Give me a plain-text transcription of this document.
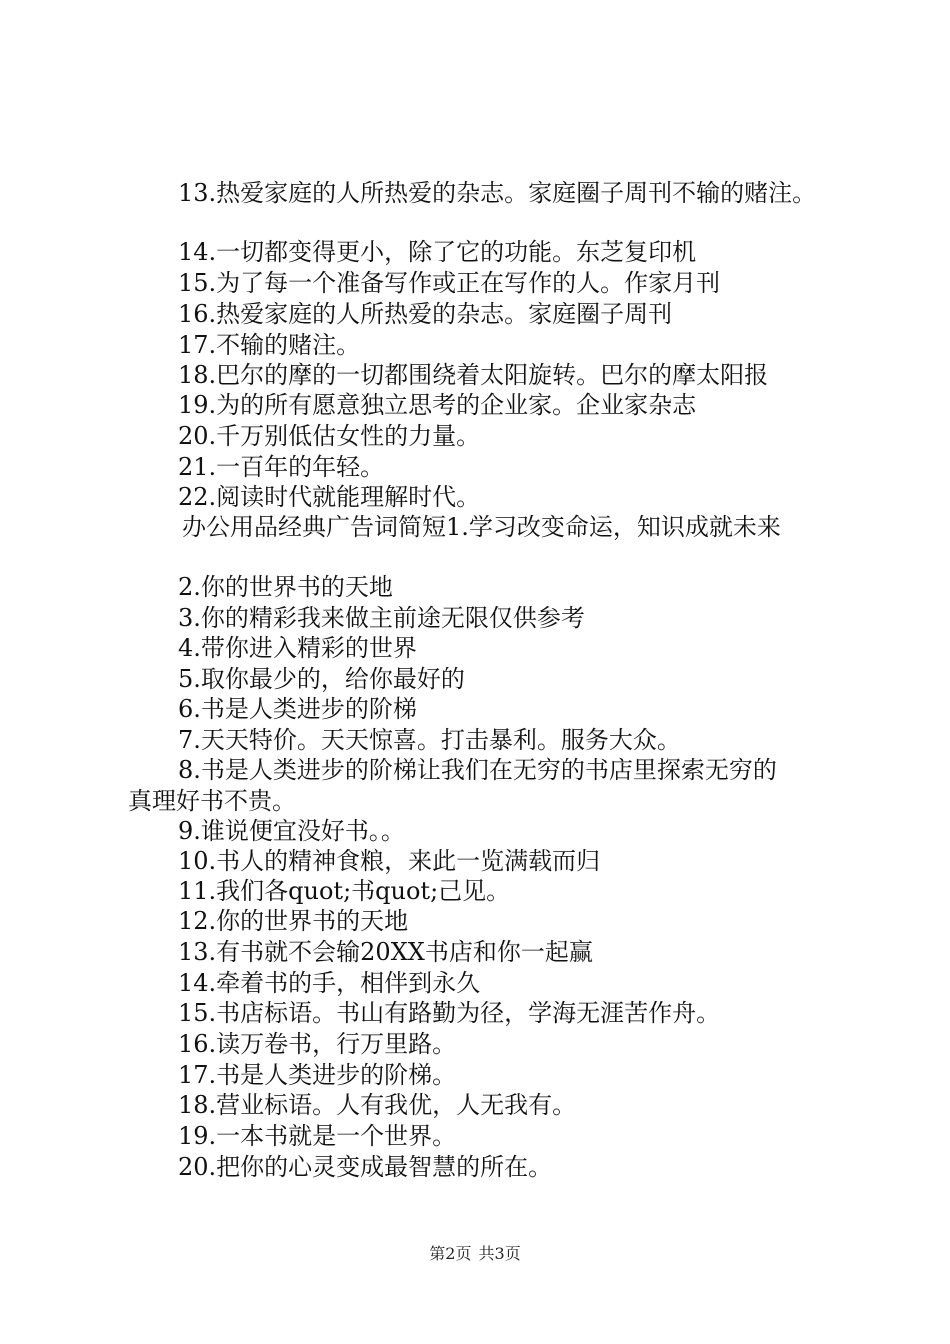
13.热爱家庭的人所热爱的杂志。家庭圈子周刊不输的赌注。
14.一切都变得更小，除了它的功能。东芝复印机
15.为了每一个准备写作或正在写作的人。作家月刊
16.热爱家庭的人所热爱的杂志。家庭圈子周刊
17.不输的赌注。
18.巴尔的摩的一切都围绕着太阳旋转。巴尔的摩太阳报
19.为的所有愿意独立思考的企业家。企业家杂志
20.千万别低估女性的力量。
21.一百年的年轻。
22.阅读时代就能理解时代。
办公用品经典广告词简短1.学习改变命运，知识成就未来
2.你的世界书的天地
3.你的精彩我来做主前途无限仅供参考
4.带你进入精彩的世界
5.取你最少的，给你最好的
6.书是人类进步的阶梯
7.天天特价。天天惊喜。打击暴利。服务大众。
8.书是人类进步的阶梯让我们在无穷的书店里探索无穷的
真理好书不贵。
9.谁说便宜没好书。。
10.书人的精神食粮，来此一览满载而归
11.我们各quot;书quot;己见。
12.你的世界书的天地
13.有书就不会输20XX书店和你一起赢
14.牵着书的手，相伴到永久
15.书店标语。书山有路勤为径，学海无涯苦作舟。
16.读万卷书，行万里路。
17.书是人类进步的阶梯。
18.营业标语。人有我优，人无我有。
19.一本书就是一个世界。
20.把你的心灵变成最智慧的所在。
第2页 共3页
